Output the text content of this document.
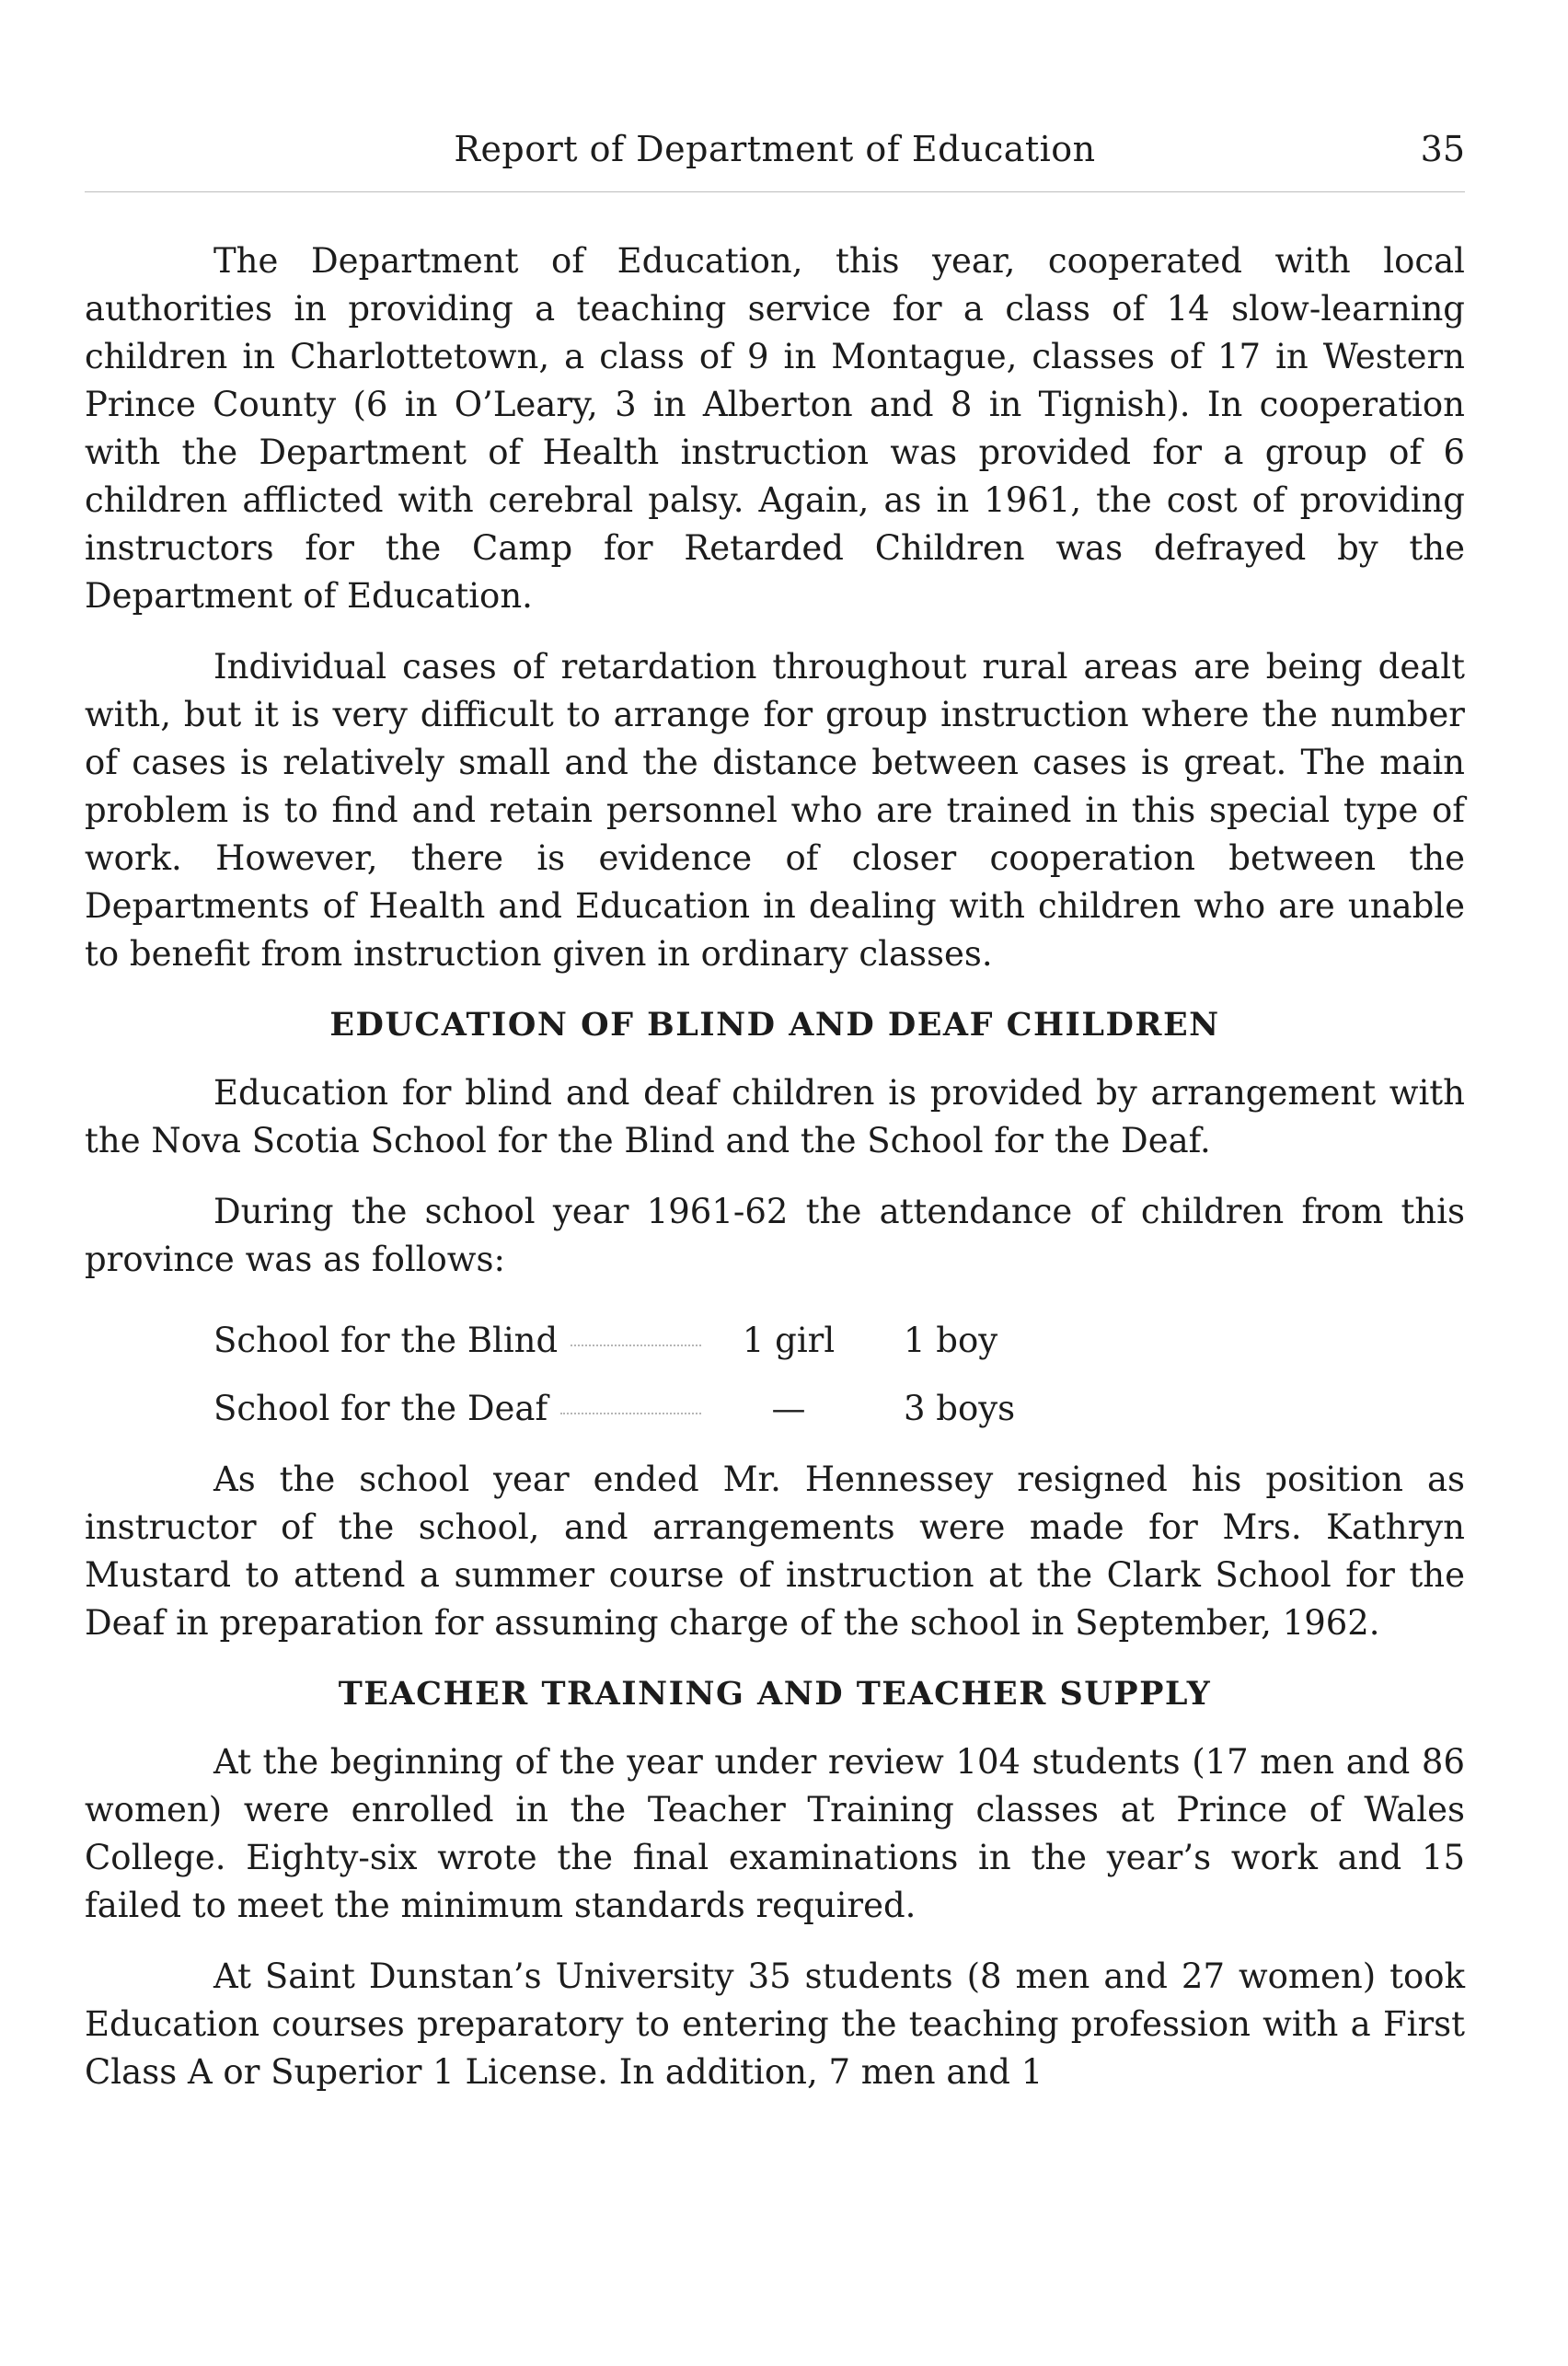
Report of Department of Education	35

The Department of Education, this year, cooperated with local authorities in providing a teaching service for a class of 14 slow-learning children in Charlottetown, a class of 9 in Montague, classes of 17 in Western Prince County (6 in O’Leary, 3 in Alberton and 8 in Tignish). In cooperation with the Department of Health instruction was provided for a group of 6 children afflicted with cerebral palsy. Again, as in 1961, the cost of providing instructors for the Camp for Retarded Children was defrayed by the Department of Education.

Individual cases of retardation throughout rural areas are being dealt with, but it is very difficult to arrange for group instruction where the number of cases is relatively small and the distance between cases is great. The main problem is to find and retain personnel who are trained in this special type of work. However, there is evidence of closer cooperation between the Departments of Health and Education in dealing with children who are unable to benefit from instruction given in ordinary classes.

EDUCATION OF BLIND AND DEAF CHILDREN

Education for blind and deaf children is provided by arrangement with the Nova Scotia School for the Blind and the School for the Deaf.

During the school year 1961-62 the attendance of children from this province was as follows:

School for the Blind	1 girl	1 boy

School for the Deaf	—	3 boys

As the school year ended Mr. Hennessey resigned his position as instructor of the school, and arrangements were made for Mrs. Kathryn Mustard to attend a summer course of instruction at the Clark School for the Deaf in preparation for assuming charge of the school in September, 1962.

TEACHER TRAINING AND TEACHER SUPPLY

At the beginning of the year under review 104 students (17 men and 86 women) were enrolled in the Teacher Training classes at Prince of Wales College. Eighty-six wrote the final examinations in the year’s work and 15 failed to meet the minimum standards required.

At Saint Dunstan’s University 35 students (8 men and 27 women) took Education courses preparatory to entering the teaching profession with a First Class A or Superior 1 License. In addition, 7 men and 1
